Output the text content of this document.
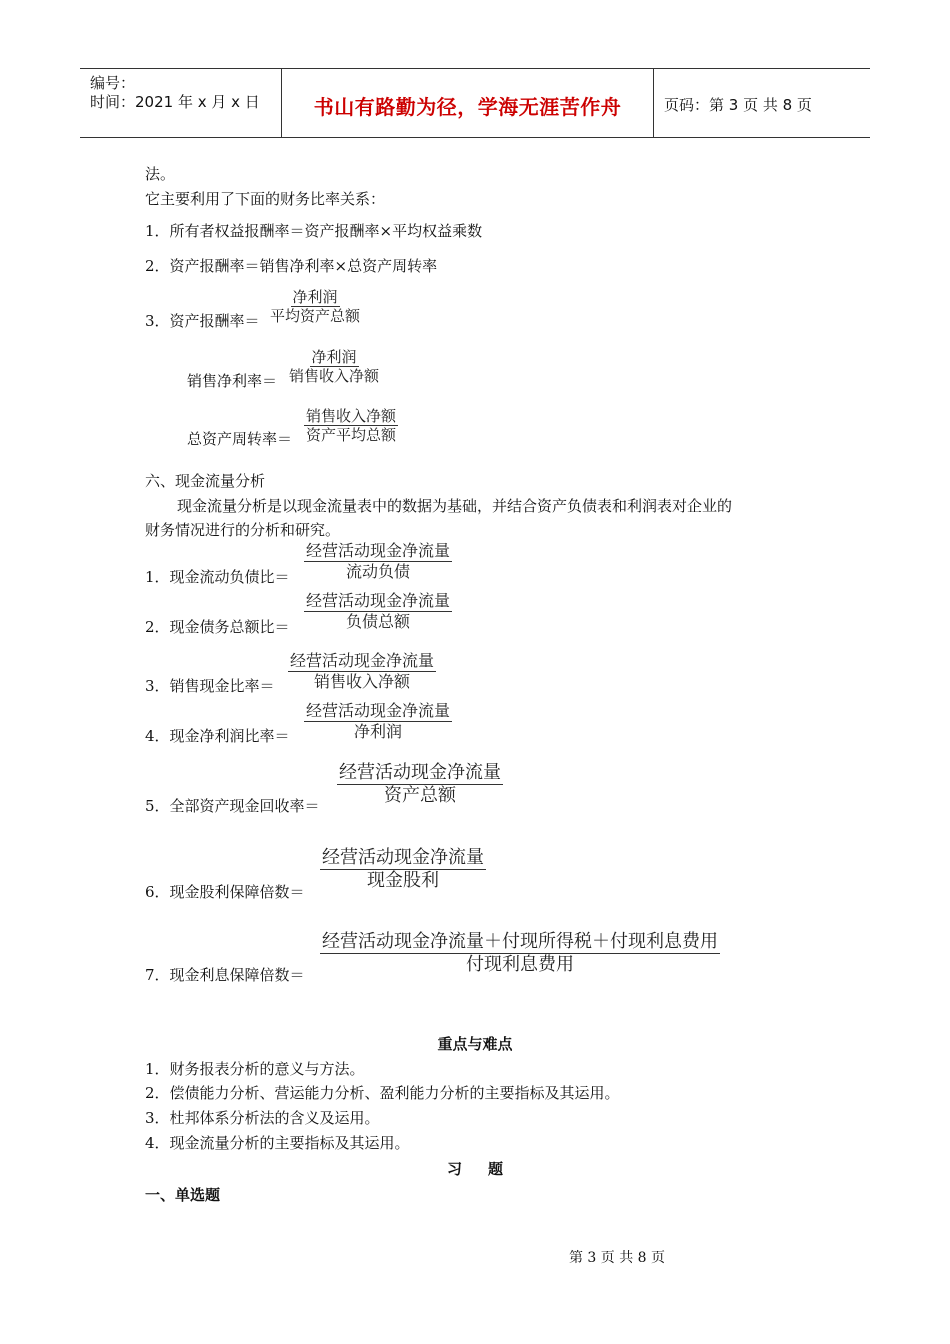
编号：
时间：2021 年 x 月 x 日	书山有路勤为径，学海无涯苦作舟	页码：第 3 页 共 8 页
法。
它主要利用了下面的财务比率关系：
1．所有者权益报酬率＝资产报酬率×平均权益乘数
2．资产报酬率＝销售净利率×总资产周转率
3．资产报酬率＝
净利润
平均资产总额
销售净利率＝
净利润
销售收入净额
总资产周转率＝
销售收入净额
资产平均总额
六、现金流量分析
现金流量分析是以现金流量表中的数据为基础，并结合资产负债表和利润表对企业的
财务情况进行的分析和研究。
1．现金流动负债比＝
经营活动现金净流量
流动负债
2．现金债务总额比＝
经营活动现金净流量
负债总额
3．销售现金比率＝
经营活动现金净流量
销售收入净额
4．现金净利润比率＝
经营活动现金净流量
净利润
5．全部资产现金回收率＝
经营活动现金净流量
资产总额
6．现金股利保障倍数＝
经营活动现金净流量
现金股利
7．现金利息保障倍数＝
经营活动现金净流量＋付现所得税＋付现利息费用
付现利息费用
重点与难点
1．财务报表分析的意义与方法。
2．偿债能力分析、营运能力分析、盈利能力分析的主要指标及其运用。
3．杜邦体系分析法的含义及运用。
4．现金流量分析的主要指标及其运用。
习     题
一、单选题
第 3 页 共 8 页
